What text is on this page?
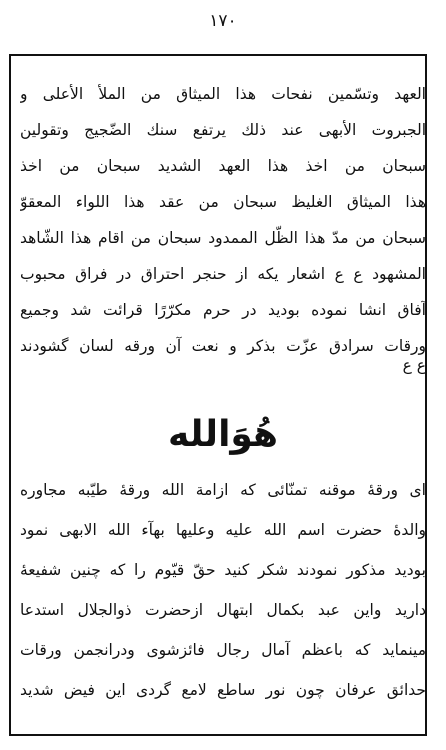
۱۷۰
العهد وتسّمين نفحات هذا الميثاق من الملأ الأعلى و
الجبروت الأبهى عند ذلك يرتفع سنك الضّجيج وتقولين
سبحان من اخذ هذا العهد الشديد سبحان من اخذ
هذا الميثاق الغليظ سبحان من عقد هذا اللواء المعقوّ
سبحان من مدّ هذا الظّل الممدود سبحان من اقام هذا الشّاهد
المشهود ع ع اشعار يكه از حنجر احتراق در فراق محبوب
آفاق انشا نموده بوديد در حرم مكرّرًا قرائت شد وجميع
ورقات سرادق عزّت بذكر و نعت آن ورقه لسان گشودند
ع ع
هُوَالله
اى ورقهٔ موقنه تمنّائى كه ازامة الله ورقهٔ طيّبه مجاوره
والدهٔ حضرت اسم الله عليه وعليها بهآء الله الابهى نمود
بوديد مذكور نمودند شكر كنيد حقّ قيّوم را كه چنين شفيعهٔ
داريد واين عبد بكمال ابتهال ازحضرت ذوالجلال استدعا
مينمايد كه باعظم آمال رجال فائزشوى ودرانجمن ورقات
حدائق عرفان چون نور ساطع لامع گردى اين فيض شديد
